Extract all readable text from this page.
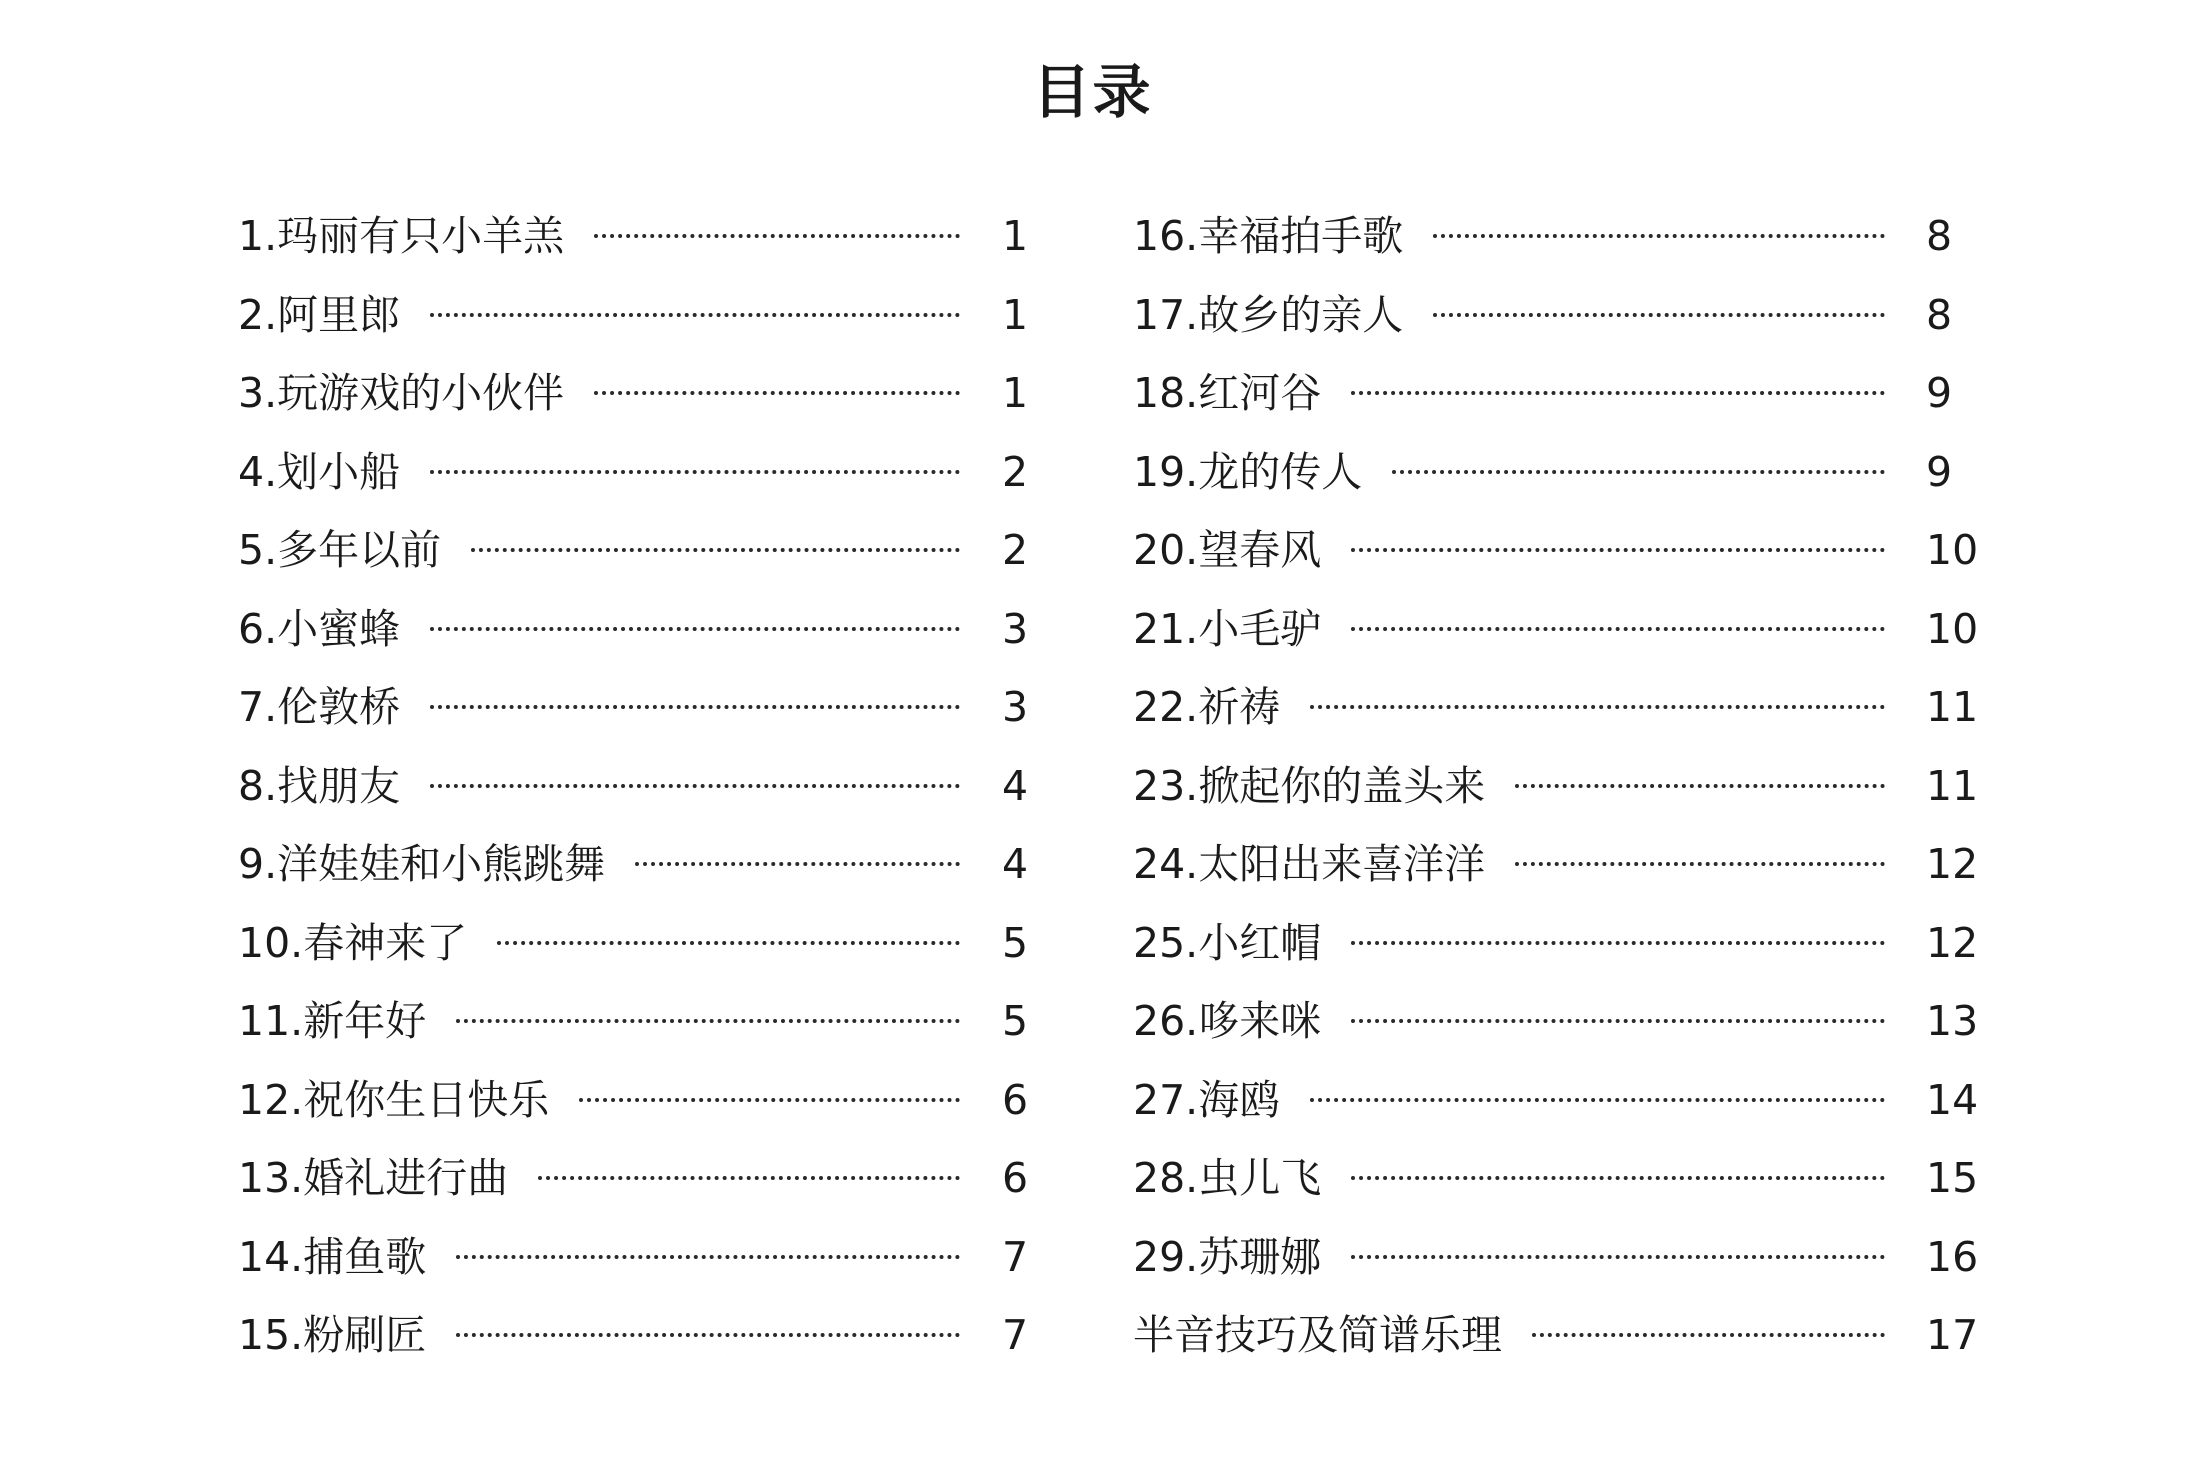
目录
1.玛丽有只小羊羔	1
2.阿里郎	1
3.玩游戏的小伙伴	1
4.划小船	2
5.多年以前	2
6.小蜜蜂	3
7.伦敦桥	3
8.找朋友	4
9.洋娃娃和小熊跳舞	4
10.春神来了	5
11.新年好	5
12.祝你生日快乐	6
13.婚礼进行曲	6
14.捕鱼歌	7
15.粉刷匠	7
16.幸福拍手歌	8
17.故乡的亲人	8
18.红河谷	9
19.龙的传人	9
20.望春风	10
21.小毛驴	10
22.祈祷	11
23.掀起你的盖头来	11
24.太阳出来喜洋洋	12
25.小红帽	12
26.哆来咪	13
27.海鸥	14
28.虫儿飞	15
29.苏珊娜	16
半音技巧及简谱乐理	17
